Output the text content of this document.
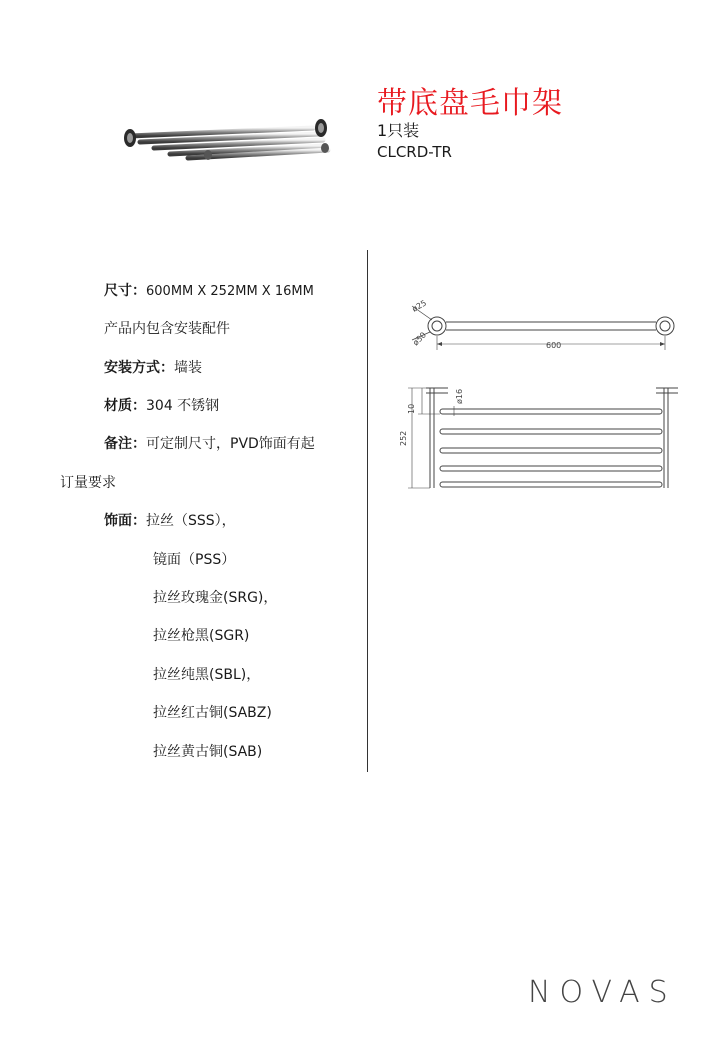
带底盘毛巾架
1只装
CLCRD-TR
尺寸：600MM X 252MM X 16MM
产品内包含安装配件
安装方式：墙装
材质：304 不锈钢
备注：可定制尺寸，PVD饰面有起
订量要求
饰面：拉丝（SSS），
镜面（PSS）
拉丝玫瑰金(SRG)，
拉丝枪黑(SGR)
拉丝纯黑(SBL)，
拉丝红古铜(SABZ)
拉丝黄古铜(SAB)
ø25
ø50	600
10
ø16
252
NOVAS
